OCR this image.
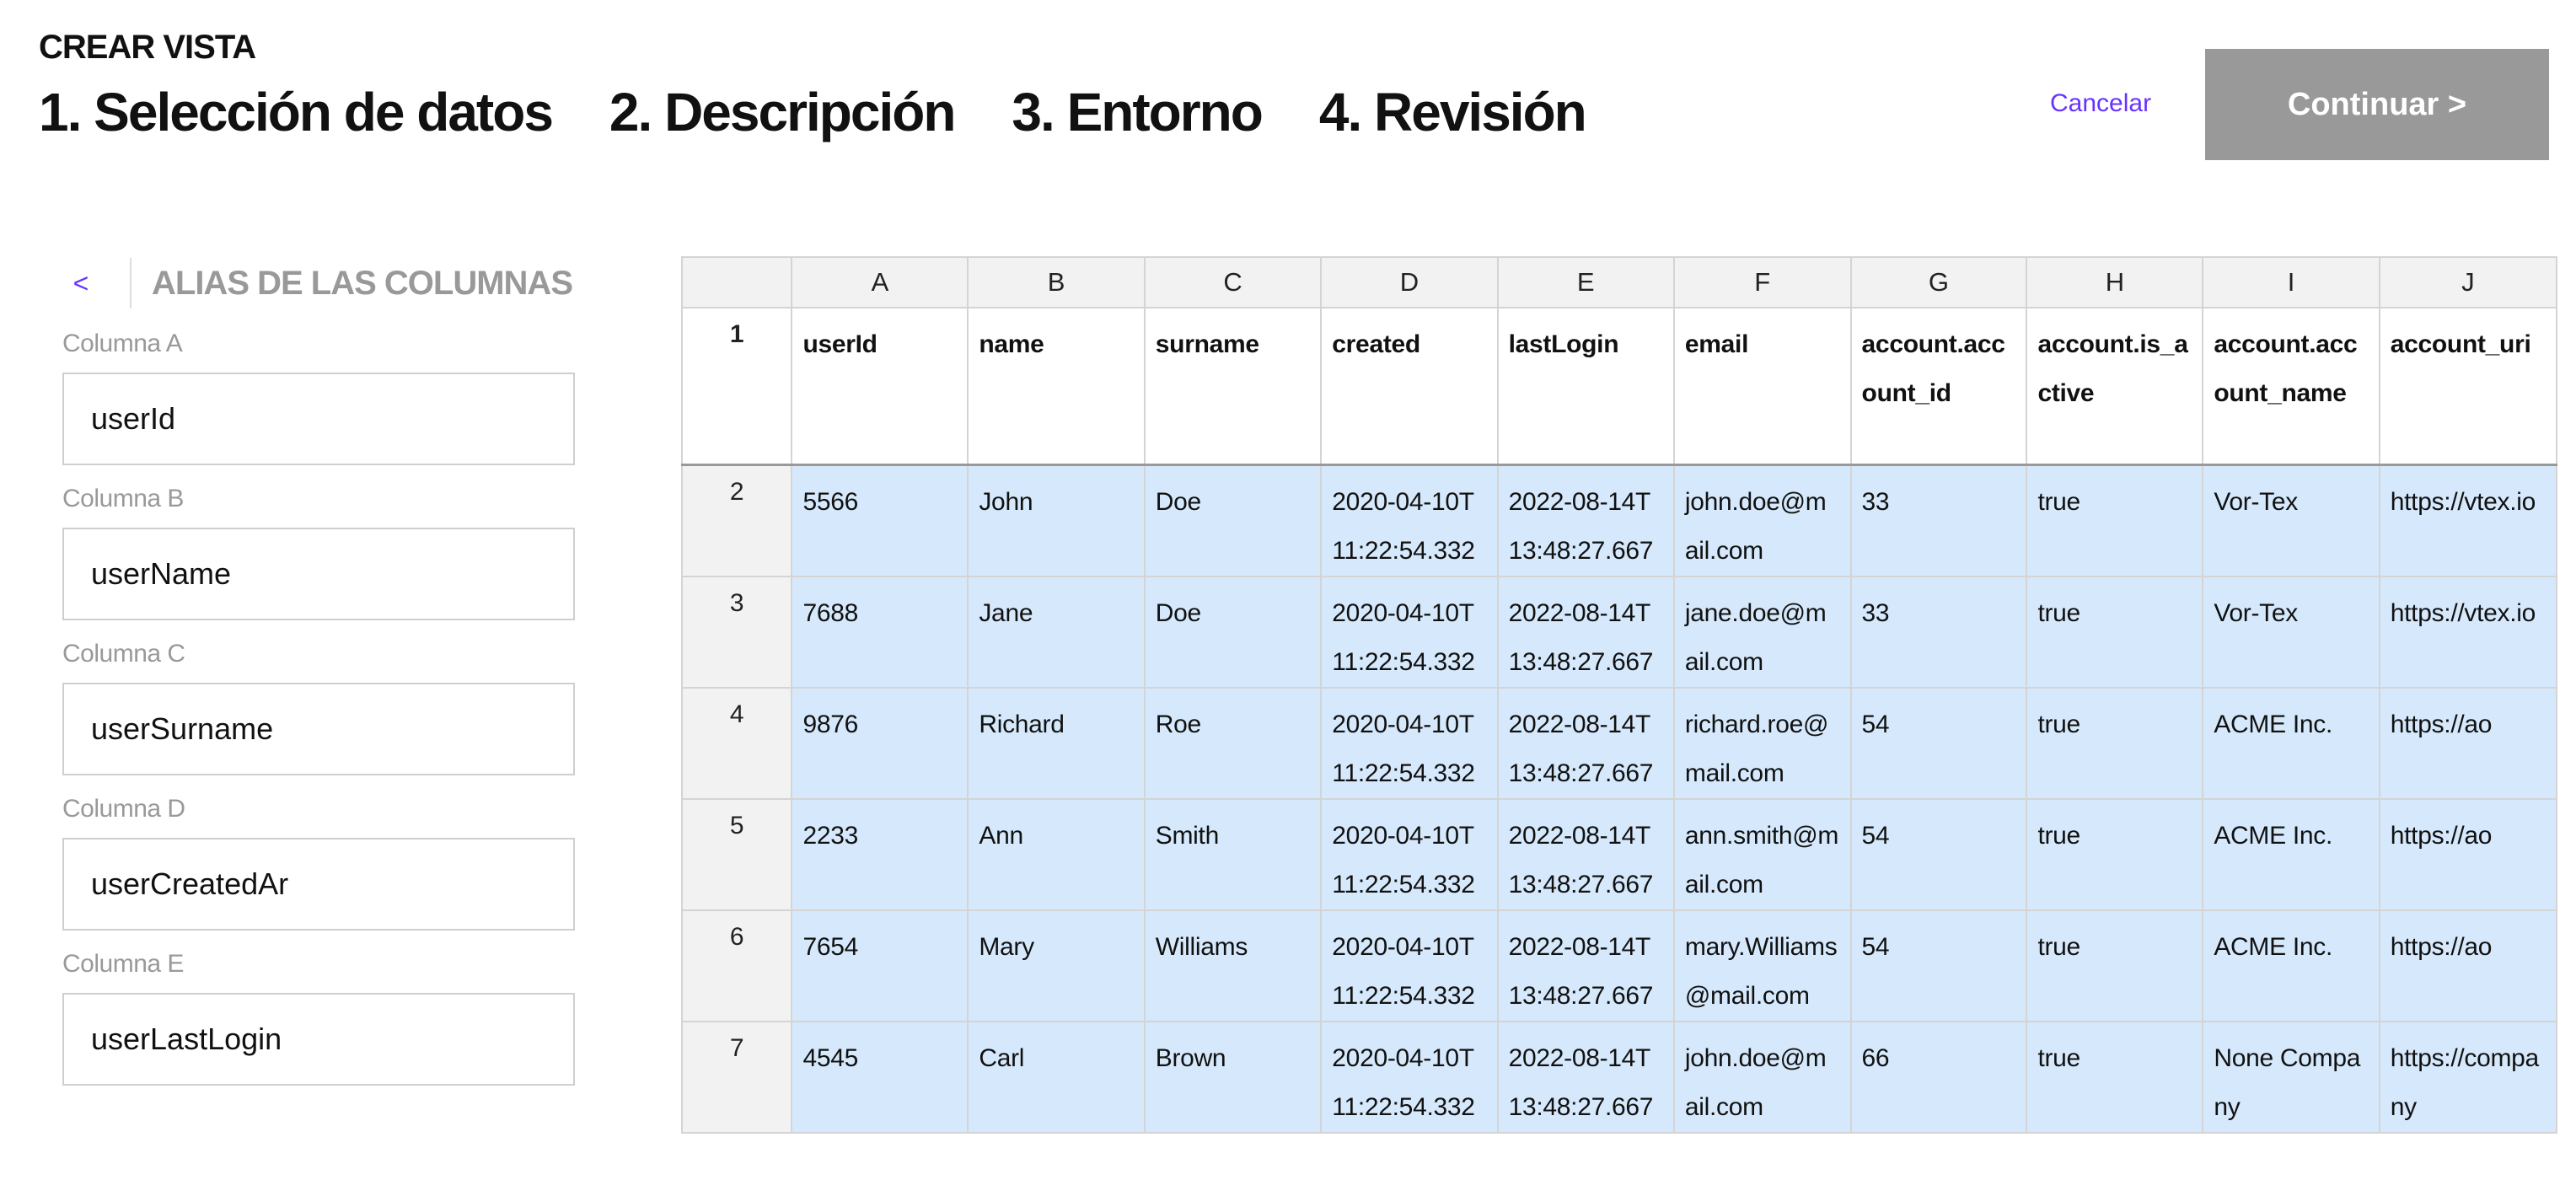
CREAR VISTA
1. Selección de datos 2. Descripción 3. Entorno 4. Revisión	Cancelar	Continuar >
<	ALIAS DE LAS COLUMNAS
Columna A
userId
Columna B
userName
Columna C
userSurname
Columna D
userCreatedAr
Columna E
userLastLogin
	A	B	C	D	E	F	G	H	I	J
1	userId	name	surname	created	lastLogin	email	account.account_id	account.is_active	account.account_name	account_uri

2	5566	John	Doe	2020-04-10T11:22:54.332	2022-08-14T13:48:27.667	john.doe@mail.com	33	true	Vor-Tex	https://vtex.io

3	7688	Jane	Doe	2020-04-10T11:22:54.332	2022-08-14T13:48:27.667	jane.doe@mail.com	33	true	Vor-Tex	https://vtex.io

4	9876	Richard	Roe	2020-04-10T11:22:54.332	2022-08-14T13:48:27.667	richard.roe@mail.com	54	true	ACME Inc.	https://ao

5	2233	Ann	Smith	2020-04-10T11:22:54.332	2022-08-14T13:48:27.667	ann.smith@mail.com	54	true	ACME Inc.	https://ao

6	7654	Mary	Williams	2020-04-10T11:22:54.332	2022-08-14T13:48:27.667	mary.Williams@mail.com	54	true	ACME Inc.	https://ao

7	4545	Carl	Brown	2020-04-10T11:22:54.332	2022-08-14T13:48:27.667	john.doe@mail.com	66	true	None Company	https://company
